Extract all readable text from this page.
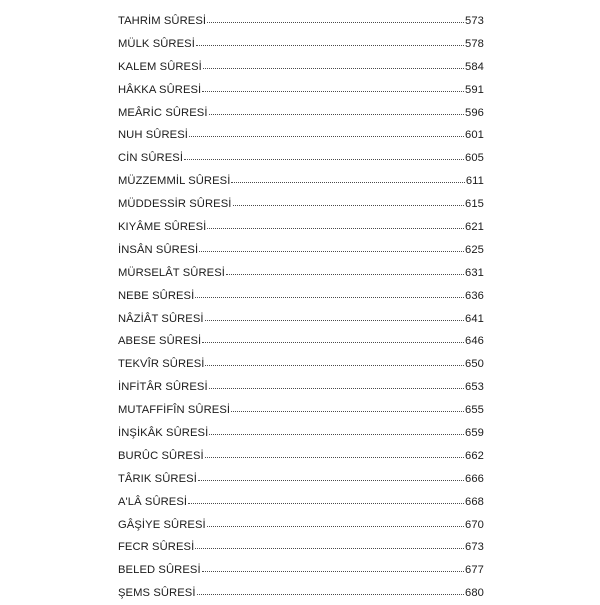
TAHRİM SÛRESİ	573
MÜLK SÛRESİ	578
KALEM SÛRESİ	584
HÂKKA SÛRESİ	591
MEÂRİC SÛRESİ	596
NUH SÛRESİ	601
CİN SÛRESİ	605
MÜZZEMMİL SÛRESİ	611
MÜDDESSİR SÛRESİ	615
KIYÂME SÛRESİ	621
İNSÂN SÛRESİ	625
MÜRSELÂT SÛRESİ	631
NEBE SÛRESİ	636
NÂZİÂT SÛRESİ	641
ABESE SÛRESİ	646
TEKVÎR SÛRESİ	650
İNFİTÂR SÛRESİ	653
MUTAFFİFÎN SÛRESİ	655
İNŞİKÂK SÛRESİ	659
BURÛC SÛRESİ	662
TÂRIK SÛRESİ	666
A'LÂ SÛRESİ	668
GÂŞİYE SÛRESİ	670
FECR SÛRESİ	673
BELED SÛRESİ	677
ŞEMS SÛRESİ	680
